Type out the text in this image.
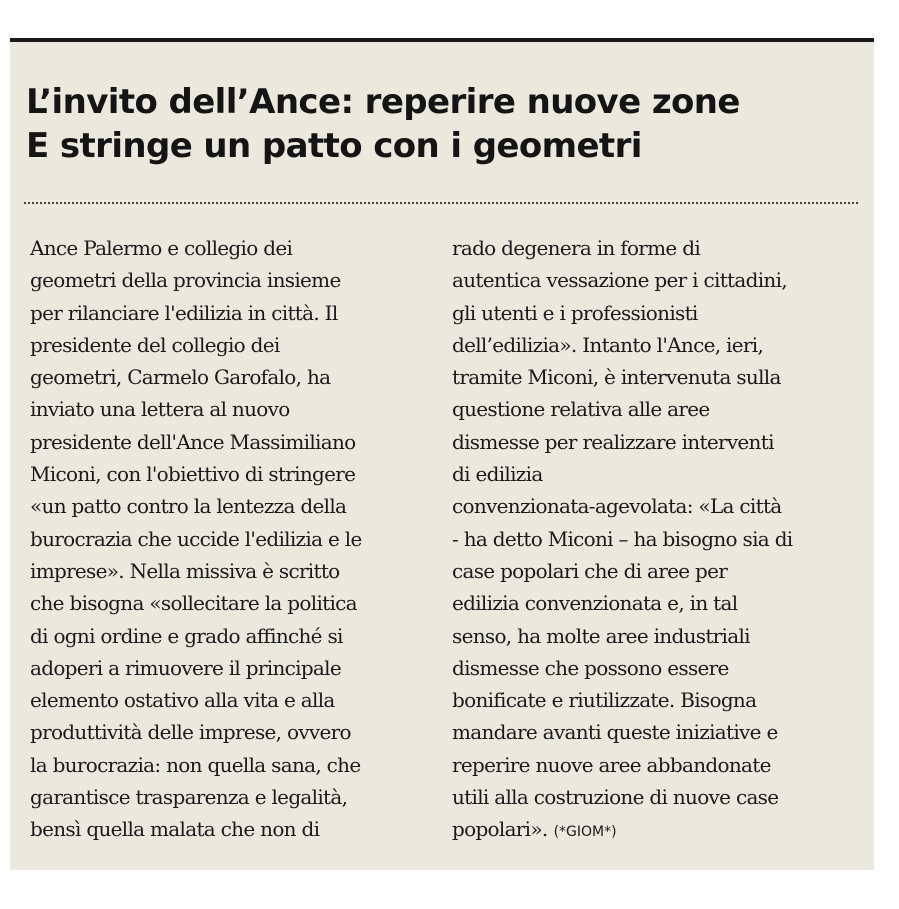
L’invito dell’Ance: reperire nuove zone
E stringe un patto con i geometri
Ance Palermo e collegio dei
geometri della provincia insieme
per rilanciare l'edilizia in città. Il
presidente del collegio dei
geometri, Carmelo Garofalo, ha
inviato una lettera al nuovo
presidente dell'Ance Massimiliano
Miconi, con l'obiettivo di stringere
«un patto contro la lentezza della
burocrazia che uccide l'edilizia e le
imprese». Nella missiva è scritto
che bisogna «sollecitare la politica
di ogni ordine e grado affinché si
adoperi a rimuovere il principale
elemento ostativo alla vita e alla
produttività delle imprese, ovvero
la burocrazia: non quella sana, che
garantisce trasparenza e legalità,
bensì quella malata che non di
rado degenera in forme di
autentica vessazione per i cittadini,
gli utenti e i professionisti
dell’edilizia». Intanto l'Ance, ieri,
tramite Miconi, è intervenuta sulla
questione relativa alle aree
dismesse per realizzare interventi
di edilizia
convenzionata-agevolata: «La città
- ha detto Miconi – ha bisogno sia di
case popolari che di aree per
edilizia convenzionata e, in tal
senso, ha molte aree industriali
dismesse che possono essere
bonificate e riutilizzate. Bisogna
mandare avanti queste iniziative e
reperire nuove aree abbandonate
utili alla costruzione di nuove case
popolari». (*GIOM*)
